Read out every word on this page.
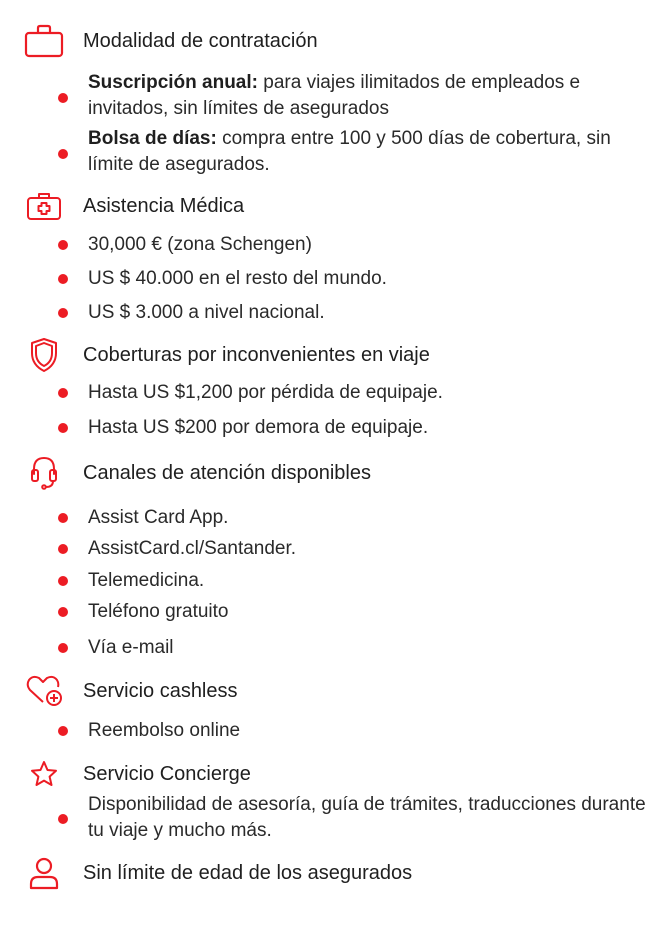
Modalidad de contratación
Suscripción anual: para viajes ilimitados de empleados e invitados, sin límites de asegurados
Bolsa de días: compra entre 100 y 500 días de cobertura, sin límite de asegurados.
Asistencia Médica
30,000 € (zona Schengen)
US $ 40.000 en el resto del mundo.
US $ 3.000 a nivel nacional.
Coberturas por inconvenientes en viaje
Hasta US $1,200 por pérdida de equipaje.
Hasta US $200 por demora de equipaje.
Canales de atención disponibles
Assist Card App.
AssistCard.cl/Santander.
Telemedicina.
Teléfono gratuito
Vía e-mail
Servicio cashless
Reembolso online
Servicio Concierge
Disponibilidad de asesoría, guía de trámites, traducciones durante tu viaje y mucho más.
Sin límite de edad de los asegurados
